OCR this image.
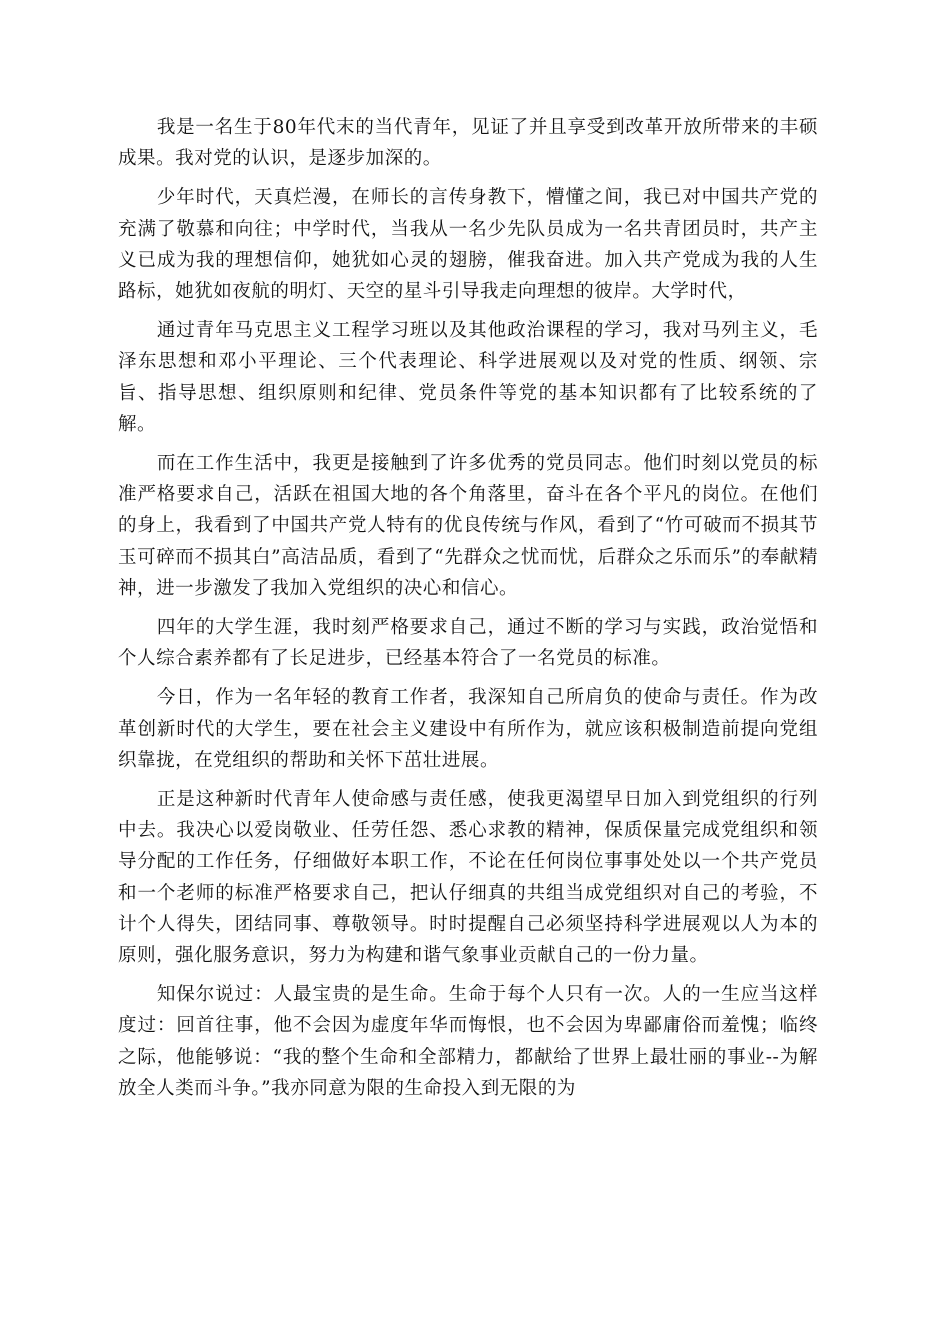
我是一名生于80年代末的当代青年，见证了并且享受到改革开放所带来的丰硕成果。我对党的认识，是逐步加深的。

少年时代，天真烂漫，在师长的言传身教下，懵懂之间，我已对中国共产党的充满了敬慕和向往；中学时代，当我从一名少先队员成为一名共青团员时，共产主义已成为我的理想信仰，她犹如心灵的翅膀，催我奋进。加入共产党成为我的人生路标，她犹如夜航的明灯、天空的星斗引导我走向理想的彼岸。大学时代，

通过青年马克思主义工程学习班以及其他政治课程的学习，我对马列主义，毛泽东思想和邓小平理论、三个代表理论、科学进展观以及对党的性质、纲领、宗旨、指导思想、组织原则和纪律、党员条件等党的基本知识都有了比较系统的了解。

而在工作生活中，我更是接触到了许多优秀的党员同志。他们时刻以党员的标准严格要求自己，活跃在祖国大地的各个角落里，奋斗在各个平凡的岗位。在他们的身上，我看到了中国共产党人特有的优良传统与作风，看到了“竹可破而不损其节玉可碎而不损其白”高洁品质，看到了“先群众之忧而忧，后群众之乐而乐”的奉献精神，进一步激发了我加入党组织的决心和信心。

四年的大学生涯，我时刻严格要求自己，通过不断的学习与实践，政治觉悟和个人综合素养都有了长足进步，已经基本符合了一名党员的标准。

今日，作为一名年轻的教育工作者，我深知自己所肩负的使命与责任。作为改革创新时代的大学生，要在社会主义建设中有所作为，就应该积极制造前提向党组织靠拢，在党组织的帮助和关怀下茁壮进展。

正是这种新时代青年人使命感与责任感，使我更渴望早日加入到党组织的行列中去。我决心以爱岗敬业、任劳任怨、悉心求教的精神，保质保量完成党组织和领导分配的工作任务，仔细做好本职工作，不论在任何岗位事事处处以一个共产党员和一个老师的标准严格要求自己，把认仔细真的共组当成党组织对自己的考验，不计个人得失，团结同事、尊敬领导。时时提醒自己必须坚持科学进展观以人为本的原则，强化服务意识，努力为构建和谐气象事业贡献自己的一份力量。

知保尔说过：人最宝贵的是生命。生命于每个人只有一次。人的一生应当这样度过：回首往事，他不会因为虚度年华而悔恨，也不会因为卑鄙庸俗而羞愧；临终之际，他能够说：“我的整个生命和全部精力，都献给了世界上最壮丽的事业--为解放全人类而斗争。”我亦同意为限的生命投入到无限的为
